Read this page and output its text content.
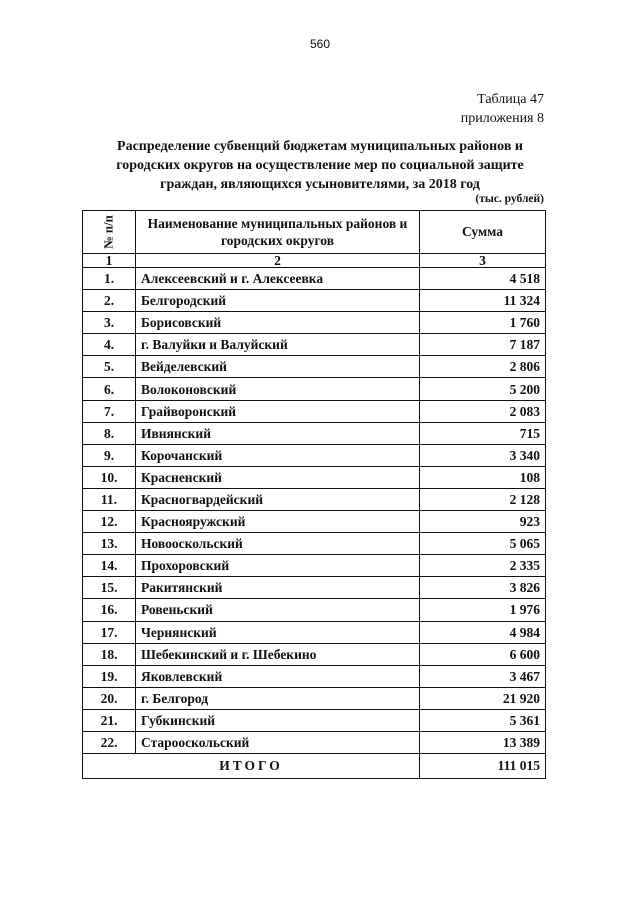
560
Таблица 47
приложения 8
Распределение субвенций бюджетам муниципальных районов и
городских округов на осуществление мер по социальной защите
граждан, являющихся усыновителями, за 2018 год
(тыс. рублей)
№ п/п	Наименование муниципальных районов и городских округов	Сумма
1	2	3
1.	Алексеевский и г. Алексеевка	4 518
2.	Белгородский	11 324
3.	Борисовский	1 760
4.	г. Валуйки и Валуйский	7 187
5.	Вейделевский	2 806
6.	Волоконовский	5 200
7.	Грайворонский	2 083
8.	Ивнянский	715
9.	Корочанский	3 340
10.	Красненский	108
11.	Красногвардейский	2 128
12.	Краснояружский	923
13.	Новооскольский	5 065
14.	Прохоровский	2 335
15.	Ракитянский	3 826
16.	Ровеньский	1 976
17.	Чернянский	4 984
18.	Шебекинский и г. Шебекино	6 600
19.	Яковлевский	3 467
20.	г. Белгород	21 920
21.	Губкинский	5 361
22.	Старооскольский	13 389
ИТОГО		111 015
